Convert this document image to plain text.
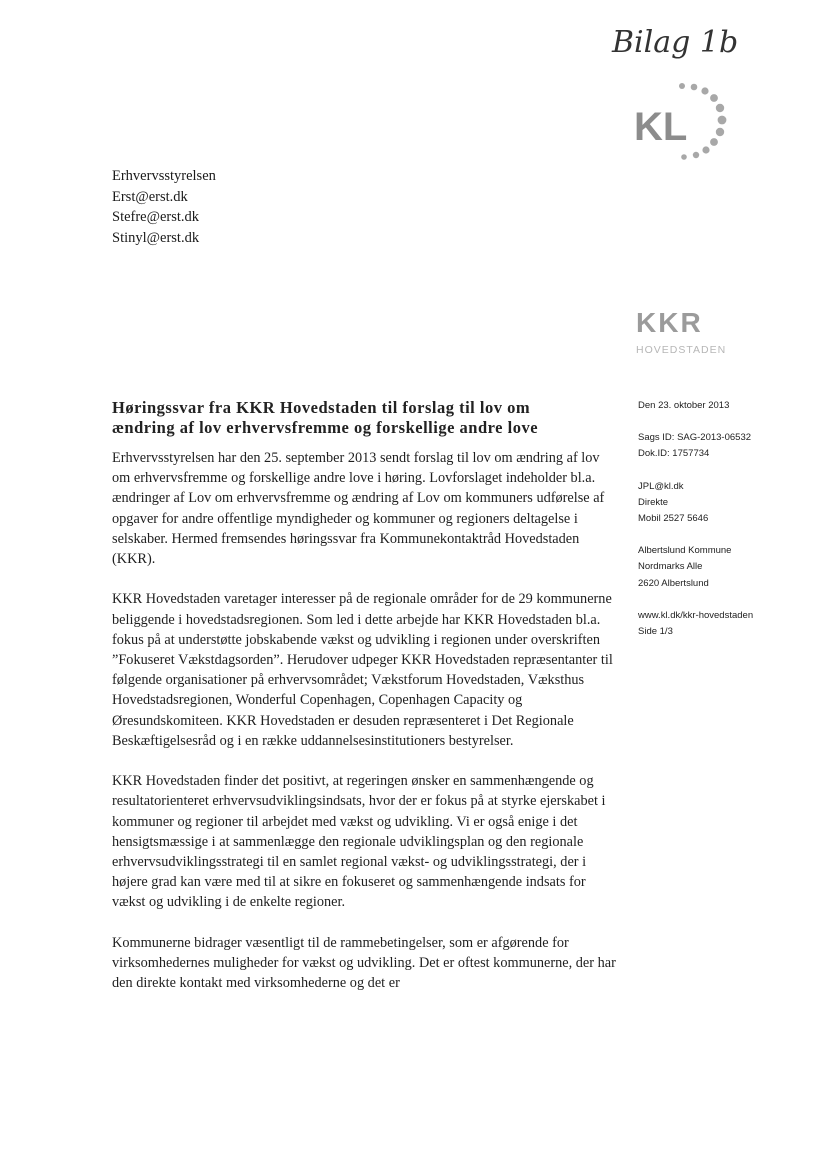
Bilag 1b
KL
Erhvervsstyrelsen
Erst@erst.dk
Stefre@erst.dk
Stinyl@erst.dk
KKR
HOVEDSTADEN
Den 23. oktober 2013
Sags ID: SAG-2013-06532
Dok.ID: 1757734
JPL@kl.dk
Direkte
Mobil 2527 5646
Albertslund Kommune
Nordmarks Alle
2620 Albertslund
www.kl.dk/kkr-hovedstaden
Side 1/3
Høringssvar fra KKR Hovedstaden til forslag til lov om
ændring af lov erhvervsfremme og forskellige andre love

Erhvervsstyrelsen har den 25. september 2013 sendt forslag til lov om ændring af lov om erhvervsfremme og forskellige andre love i høring. Lovforslaget indeholder bl.a. ændringer af Lov om erhvervsfremme og ændring af Lov om kommuners udførelse af opgaver for andre offentlige myndigheder og kommuner og regioners deltagelse i selskaber. Hermed fremsendes høringssvar fra Kommunekontaktråd Hovedstaden (KKR).

KKR Hovedstaden varetager interesser på de regionale områder for de 29 kommunerne beliggende i hovedstadsregionen. Som led i dette arbejde har KKR Hovedstaden bl.a. fokus på at understøtte jobskabende vækst og udvikling i regionen under overskriften ”Fokuseret Vækstdagsorden”. Herudover udpeger KKR Hovedstaden repræsentanter til følgende organisationer på erhvervsområdet; Vækstforum Hovedstaden, Væksthus Hovedstadsregionen, Wonderful Copenhagen, Copenhagen Capacity og Øresundskomiteen. KKR Hovedstaden er desuden repræsenteret i Det Regionale Beskæftigelsesråd og i en række uddannelsesinstitutioners bestyrelser.

KKR Hovedstaden finder det positivt, at regeringen ønsker en sammenhængende og resultatorienteret erhvervsudviklingsindsats, hvor der er fokus på at styrke ejerskabet i kommuner og regioner til arbejdet med vækst og udvikling. Vi er også enige i det hensigtsmæssige i at sammenlægge den regionale udviklingsplan og den regionale erhvervsudviklingsstrategi til en samlet regional vækst- og udviklingsstrategi, der i højere grad kan være med til at sikre en fokuseret og sammenhængende indsats for vækst og udvikling i de enkelte regioner.

Kommunerne bidrager væsentligt til de rammebetingelser, som er afgørende for virksomhedernes muligheder for vækst og udvikling. Det er oftest kommunerne, der har den direkte kontakt med virksomhederne og det er
